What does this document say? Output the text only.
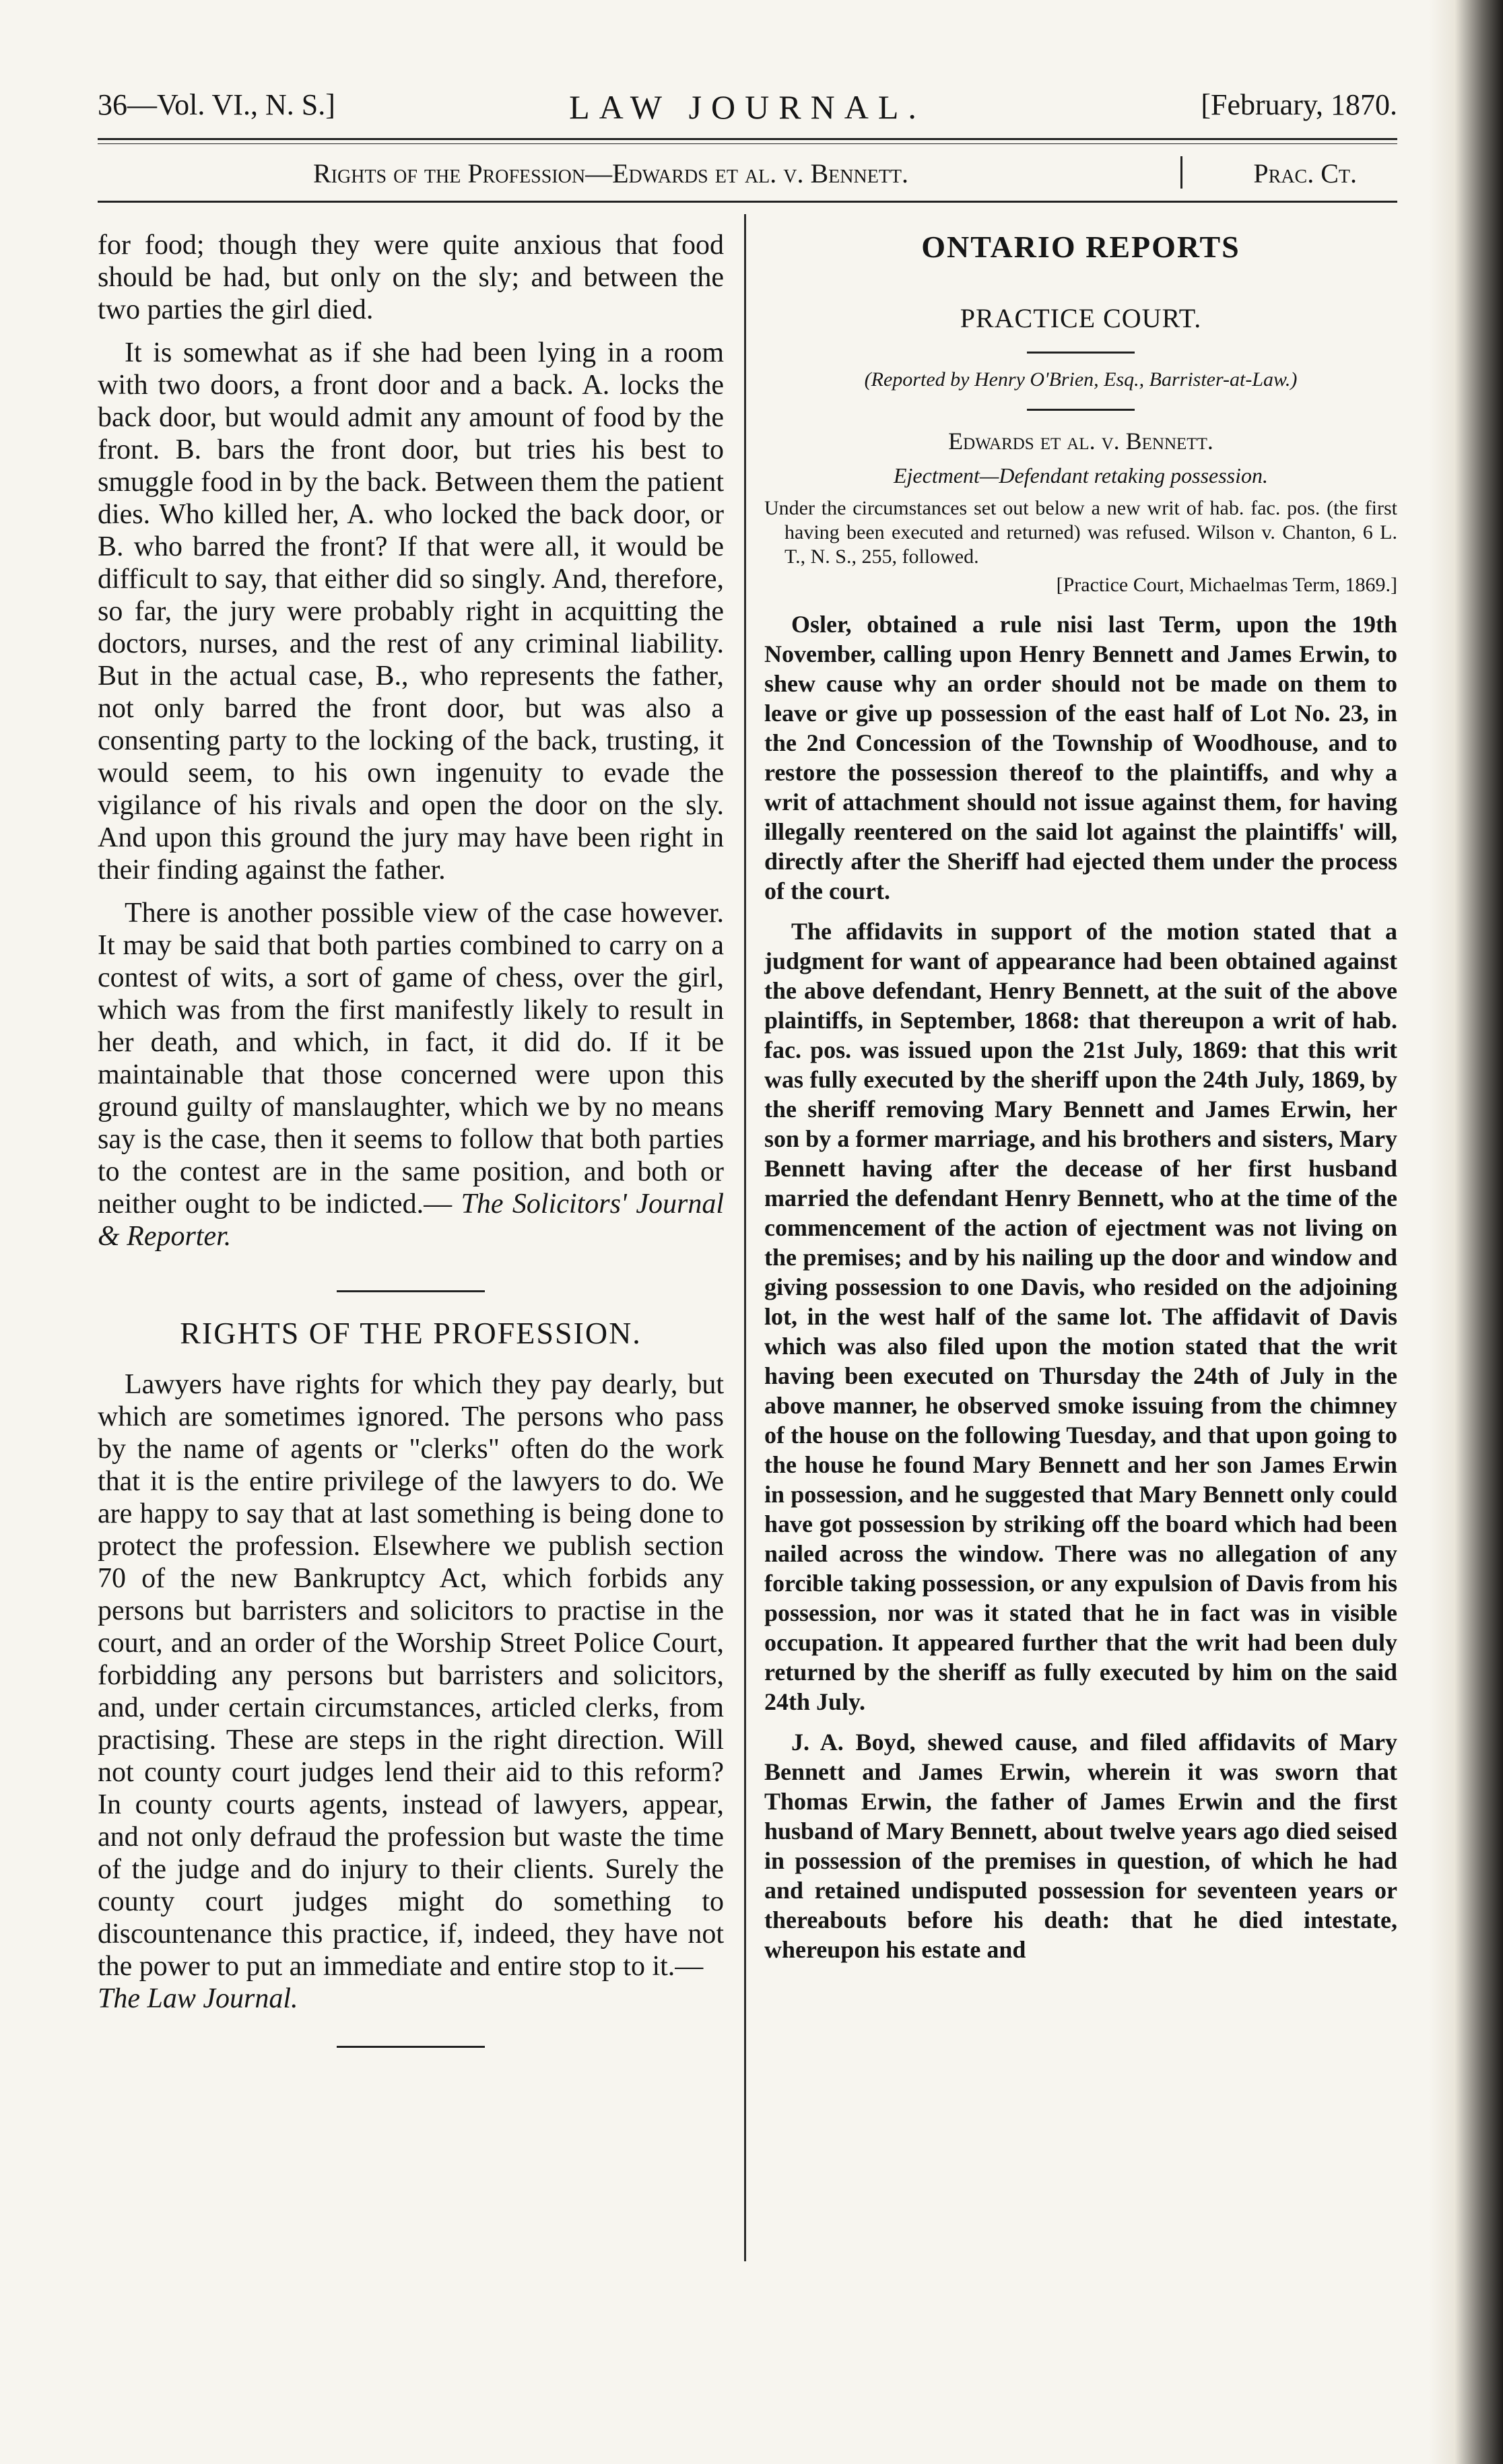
36—Vol. VI., N. S.]	LAW JOURNAL.	[February, 1870.
Rights of the Profession—Edwards et al. v. Bennett.	Prac. Ct.

for food; though they were quite anxious that food should be had, but only on the sly; and between the two parties the girl died.

It is somewhat as if she had been lying in a room with two doors, a front door and a back. A. locks the back door, but would admit any amount of food by the front. B. bars the front door, but tries his best to smuggle food in by the back. Between them the patient dies. Who killed her, A. who locked the back door, or B. who barred the front? If that were all, it would be difficult to say, that either did so singly. And, therefore, so far, the jury were probably right in acquitting the doctors, nurses, and the rest of any criminal liability. But in the actual case, B., who represents the father, not only barred the front door, but was also a consenting party to the locking of the back, trusting, it would seem, to his own ingenuity to evade the vigilance of his rivals and open the door on the sly. And upon this ground the jury may have been right in their finding against the father.

There is another possible view of the case however. It may be said that both parties combined to carry on a contest of wits, a sort of game of chess, over the girl, which was from the first manifestly likely to result in her death, and which, in fact, it did do. If it be maintainable that those concerned were upon this ground guilty of manslaughter, which we by no means say is the case, then it seems to follow that both parties to the contest are in the same position, and both or neither ought to be indicted.— The Solicitors' Journal & Reporter.

RIGHTS OF THE PROFESSION.

Lawyers have rights for which they pay dearly, but which are sometimes ignored. The persons who pass by the name of agents or "clerks" often do the work that it is the entire privilege of the lawyers to do. We are happy to say that at last something is being done to protect the profession. Elsewhere we publish section 70 of the new Bankruptcy Act, which forbids any persons but barristers and solicitors to practise in the court, and an order of the Worship Street Police Court, forbidding any persons but barristers and solicitors, and, under certain circumstances, articled clerks, from practising. These are steps in the right direction. Will not county court judges lend their aid to this reform? In county courts agents, instead of lawyers, appear, and not only defraud the profession but waste the time of the judge and do injury to their clients. Surely the county court judges might do something to discountenance this practice, if, indeed, they have not the power to put an immediate and entire stop to it.—
The Law Journal.

ONTARIO REPORTS
PRACTICE COURT.
(Reported by Henry O'Brien, Esq., Barrister-at-Law.)
Edwards et al. v. Bennett.
Ejectment—Defendant retaking possession.

Under the circumstances set out below a new writ of hab. fac. pos. (the first having been executed and returned) was refused. Wilson v. Chanton, 6 L. T., N. S., 255, followed.

[Practice Court, Michaelmas Term, 1869.]

Osler, obtained a rule nisi last Term, upon the 19th November, calling upon Henry Bennett and James Erwin, to shew cause why an order should not be made on them to leave or give up possession of the east half of Lot No. 23, in the 2nd Concession of the Township of Woodhouse, and to restore the possession thereof to the plaintiffs, and why a writ of attachment should not issue against them, for having illegally reentered on the said lot against the plaintiffs' will, directly after the Sheriff had ejected them under the process of the court.

The affidavits in support of the motion stated that a judgment for want of appearance had been obtained against the above defendant, Henry Bennett, at the suit of the above plaintiffs, in September, 1868: that thereupon a writ of hab. fac. pos. was issued upon the 21st July, 1869: that this writ was fully executed by the sheriff upon the 24th July, 1869, by the sheriff removing Mary Bennett and James Erwin, her son by a former marriage, and his brothers and sisters, Mary Bennett having after the decease of her first husband married the defendant Henry Bennett, who at the time of the commencement of the action of ejectment was not living on the premises; and by his nailing up the door and window and giving possession to one Davis, who resided on the adjoining lot, in the west half of the same lot. The affidavit of Davis which was also filed upon the motion stated that the writ having been executed on Thursday the 24th of July in the above manner, he observed smoke issuing from the chimney of the house on the following Tuesday, and that upon going to the house he found Mary Bennett and her son James Erwin in possession, and he suggested that Mary Bennett only could have got possession by striking off the board which had been nailed across the window. There was no allegation of any forcible taking possession, or any expulsion of Davis from his possession, nor was it stated that he in fact was in visible occupation. It appeared further that the writ had been duly returned by the sheriff as fully executed by him on the said 24th July.

J. A. Boyd, shewed cause, and filed affidavits of Mary Bennett and James Erwin, wherein it was sworn that Thomas Erwin, the father of James Erwin and the first husband of Mary Bennett, about twelve years ago died seised in possession of the premises in question, of which he had and retained undisputed possession for seventeen years or thereabouts before his death: that he died intestate, whereupon his estate and
